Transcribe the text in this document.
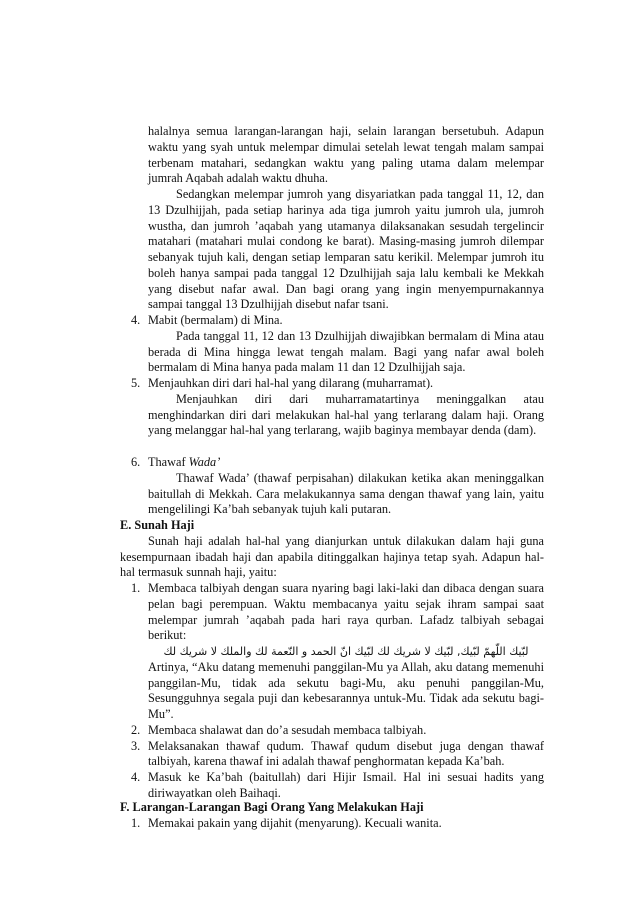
halalnya semua larangan-larangan haji, selain larangan bersetubuh. Adapun waktu yang syah untuk melempar dimulai setelah lewat tengah malam sampai terbenam matahari, sedangkan waktu yang paling utama dalam melempar jumrah Aqabah adalah waktu dhuha.

Sedangkan melempar jumroh yang disyariatkan pada tanggal 11, 12, dan 13 Dzulhijjah, pada setiap harinya ada tiga jumroh yaitu jumroh ula, jumroh wustha, dan jumroh ’aqabah yang utamanya dilaksanakan sesudah tergelincir matahari (matahari mulai condong ke barat). Masing-masing jumroh dilempar sebanyak tujuh kali, dengan setiap lemparan satu kerikil. Melempar jumroh itu boleh hanya sampai pada tanggal 12 Dzulhijjah saja lalu kembali ke Mekkah yang disebut nafar awal. Dan bagi orang yang ingin menyempurnakannya sampai tanggal 13 Dzulhijjah disebut nafar tsani.

4. Mabit (bermalam) di Mina.

Pada tanggal 11, 12 dan 13 Dzulhijjah diwajibkan bermalam di Mina atau berada di Mina hingga lewat tengah malam. Bagi yang nafar awal boleh bermalam di Mina hanya pada malam 11 dan 12 Dzulhijjah saja.

5. Menjauhkan diri dari hal-hal yang dilarang (muharramat).

Menjauhkan diri dari muharramatartinya meninggalkan atau menghindarkan diri dari melakukan hal-hal yang terlarang dalam haji. Orang yang melanggar hal-hal yang terlarang, wajib baginya membayar denda (dam).

6. Thawaf Wada’

Thawaf Wada’ (thawaf perpisahan) dilakukan ketika akan meninggalkan baitullah di Mekkah. Cara melakukannya sama dengan thawaf yang lain, yaitu mengelilingi Ka’bah sebanyak tujuh kali putaran.

E. Sunah Haji

Sunah haji adalah hal-hal yang dianjurkan untuk dilakukan dalam haji guna kesempurnaan ibadah haji dan apabila ditinggalkan hajinya tetap syah. Adapun hal-hal termasuk sunnah haji, yaitu:

1. Membaca talbiyah dengan suara nyaring bagi laki-laki dan dibaca dengan suara pelan bagi perempuan. Waktu membacanya yaitu sejak ihram sampai saat melempar jumrah ’aqabah pada hari raya qurban. Lafadz talbiyah sebagai berikut:

لبّيك اللّهمّ لبّيك, لبّيك لا شريك لك لبّيك انّ الحمد و النّعمة لك والملك لا شريك لك

Artinya, “Aku datang memenuhi panggilan-Mu ya Allah, aku datang memenuhi panggilan-Mu, tidak ada sekutu bagi-Mu, aku penuhi panggilan-Mu, Sesungguhnya segala puji dan kebesarannya untuk-Mu. Tidak ada sekutu bagi-Mu”.

2. Membaca shalawat dan do’a sesudah membaca talbiyah.

3. Melaksanakan thawaf qudum. Thawaf qudum disebut juga dengan thawaf talbiyah, karena thawaf ini adalah thawaf penghormatan kepada Ka’bah.

4. Masuk ke Ka’bah (baitullah) dari Hijir Ismail. Hal ini sesuai hadits yang diriwayatkan oleh Baihaqi.

F. Larangan-Larangan Bagi Orang Yang Melakukan Haji
1. Memakai pakain yang dijahit (menyarung). Kecuali wanita.
